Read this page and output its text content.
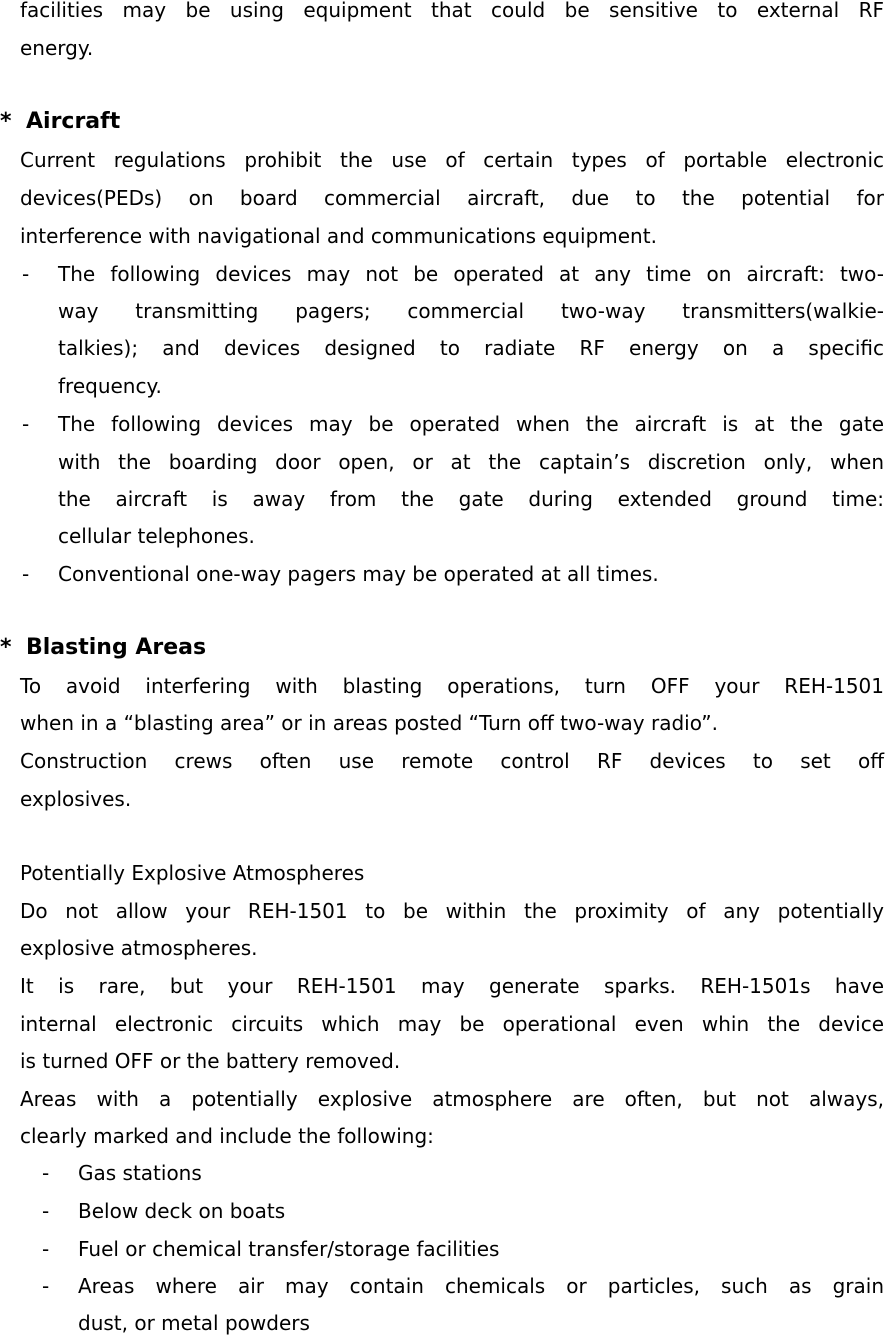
facilities may be using equipment that could be sensitive to external RF
energy.
* Aircraft
Current regulations prohibit the use of certain types of portable electronic
devices(PEDs) on board commercial aircraft, due to the potential for
interference with navigational and communications equipment.
- The following devices may not be operated at any time on aircraft: two-
way transmitting pagers; commercial two-way transmitters(walkie-
talkies); and devices designed to radiate RF energy on a specific
frequency.
- The following devices may be operated when the aircraft is at the gate
with the boarding door open, or at the captain’s discretion only, when
the aircraft is away from the gate during extended ground time:
cellular telephones.
- Conventional one-way pagers may be operated at all times.
* Blasting Areas
To avoid interfering with blasting operations, turn OFF your REH-1501
when in a “blasting area” or in areas posted “Turn off two-way radio”.
Construction crews often use remote control RF devices to set off
explosives.
Potentially Explosive Atmospheres
Do not allow your REH-1501 to be within the proximity of any potentially
explosive atmospheres.
It is rare, but your REH-1501 may generate sparks. REH-1501s have
internal electronic circuits which may be operational even whin the device
is turned OFF or the battery removed.
Areas with a potentially explosive atmosphere are often, but not always,
clearly marked and include the following:
- Gas stations
- Below deck on boats
- Fuel or chemical transfer/storage facilities
- Areas where air may contain chemicals or particles, such as grain
dust, or metal powders
